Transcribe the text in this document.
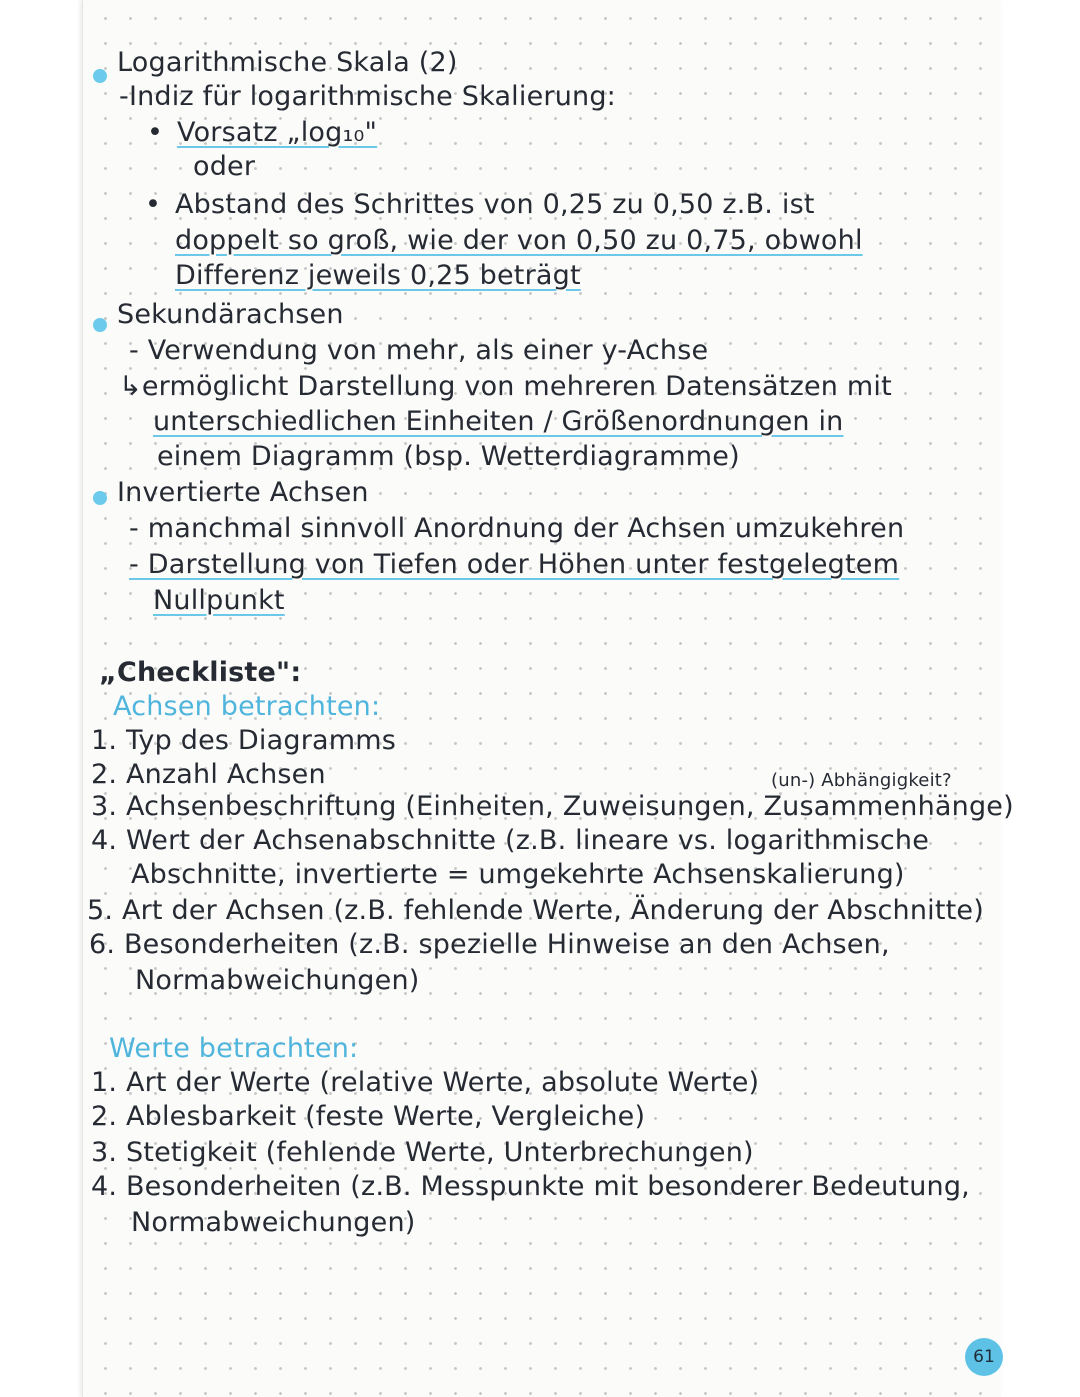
Logarithmische Skala (2)
-Indiz für logarithmische Skalierung:
• Vorsatz „log₁₀"
oder
• Abstand des Schrittes von 0,25 zu 0,50 z.B. ist
doppelt so groß, wie der von 0,50 zu 0,75, obwohl
Differenz jeweils 0,25 beträgt
Sekundärachsen
- Verwendung von mehr, als einer y-Achse
↳ermöglicht Darstellung von mehreren Datensätzen mit
unterschiedlichen Einheiten / Größenordnungen in
einem Diagramm (bsp. Wetterdiagramme)
Invertierte Achsen
- manchmal sinnvoll Anordnung der Achsen umzukehren
- Darstellung von Tiefen oder Höhen unter festgelegtem
Nullpunkt
„Checkliste":
Achsen betrachten:
1. Typ des Diagramms
2. Anzahl Achsen	(un-) Abhängigkeit?
3. Achsenbeschriftung (Einheiten, Zuweisungen, Zusammenhänge)
4. Wert der Achsenabschnitte (z.B. lineare vs. logarithmische
Abschnitte, invertierte = umgekehrte Achsenskalierung)
5. Art der Achsen (z.B. fehlende Werte, Änderung der Abschnitte)
6. Besonderheiten (z.B. spezielle Hinweise an den Achsen,
Normabweichungen)
Werte betrachten:
1. Art der Werte (relative Werte, absolute Werte)
2. Ablesbarkeit (feste Werte, Vergleiche)
3. Stetigkeit (fehlende Werte, Unterbrechungen)
4. Besonderheiten (z.B. Messpunkte mit besonderer Bedeutung,
Normabweichungen)
61
